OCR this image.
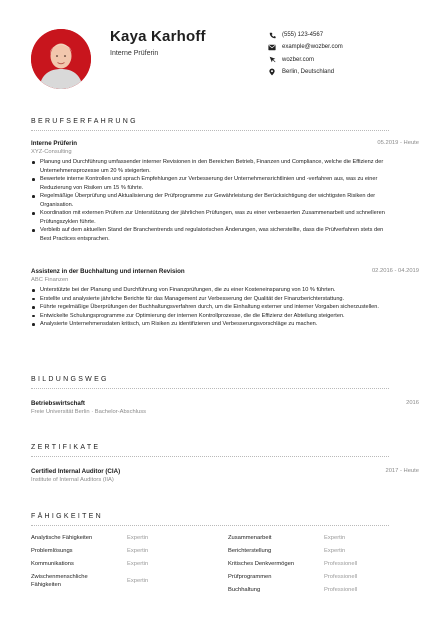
Kaya Karhoff
Interne Prüferin
(555) 123-4567
example@wozber.com
wozber.com
Berlin, Deutschland
BERUFSERFAHRUNG
Interne Prüferin	05.2019 - Heute
XYZ-Consulting
Planung und Durchführung umfassender interner Revisionen in den Bereichen Betrieb, Finanzen und Compliance, welche die Effizienz der Unternehmensprozesse um 20 % steigerten.
Bewertete interne Kontrollen und sprach Empfehlungen zur Verbesserung der Unternehmensrichtlinien und -verfahren aus, was zu einer Reduzierung von Risiken um 15 % führte.
Regelmäßige Überprüfung und Aktualisierung der Prüfprogramme zur Gewährleistung der Berücksichtigung der wichtigsten Risiken der Organisation.
Koordination mit externen Prüfern zur Unterstützung der jährlichen Prüfungen, was zu einer verbesserten Zusammenarbeit und schnelleren Prüfungszyklen führte.
Verbleib auf dem aktuellen Stand der Branchentrends und regulatorischen Änderungen, was sicherstellte, dass die Prüfverfahren stets den Best Practices entsprachen.
Assistenz in der Buchhaltung und internen Revision	02.2016 - 04.2019
ABC Finanzen
Unterstützte bei der Planung und Durchführung von Finanzprüfungen, die zu einer Kosteneinsparung von 10 % führten.
Erstellte und analysierte jährliche Berichte für das Management zur Verbesserung der Qualität der Finanzberichterstattung.
Führte regelmäßige Überprüfungen der Buchhaltungsverfahren durch, um die Einhaltung externer und interner Vorgaben sicherzustellen.
Entwickelte Schulungsprogramme zur Optimierung der internen Kontrollprozesse, die die Effizienz der Abteilung steigerten.
Analysierte Unternehmensdaten kritisch, um Risiken zu identifizieren und Verbesserungsvorschläge zu machen.
BILDUNGSWEG
Betriebswirtschaft	2016
Freie Universität Berlin · Bachelor-Abschluss
ZERTIFIKATE
Certified Internal Auditor (CIA)	2017 - Heute
Institute of Internal Auditors (IIA)
FÄHIGKEITEN
Analytische Fähigkeiten	Expertin
Problemlösungs	Expertin
Kommunikations	Expertin
Zwischenmenschliche Fähigkeiten
Expertin
Zusammenarbeit	Expertin
Berichterstellung	Expertin
Kritisches Denkvermögen	Professionell
Prüfprogrammen	Professionell
Buchhaltung	Professionell
